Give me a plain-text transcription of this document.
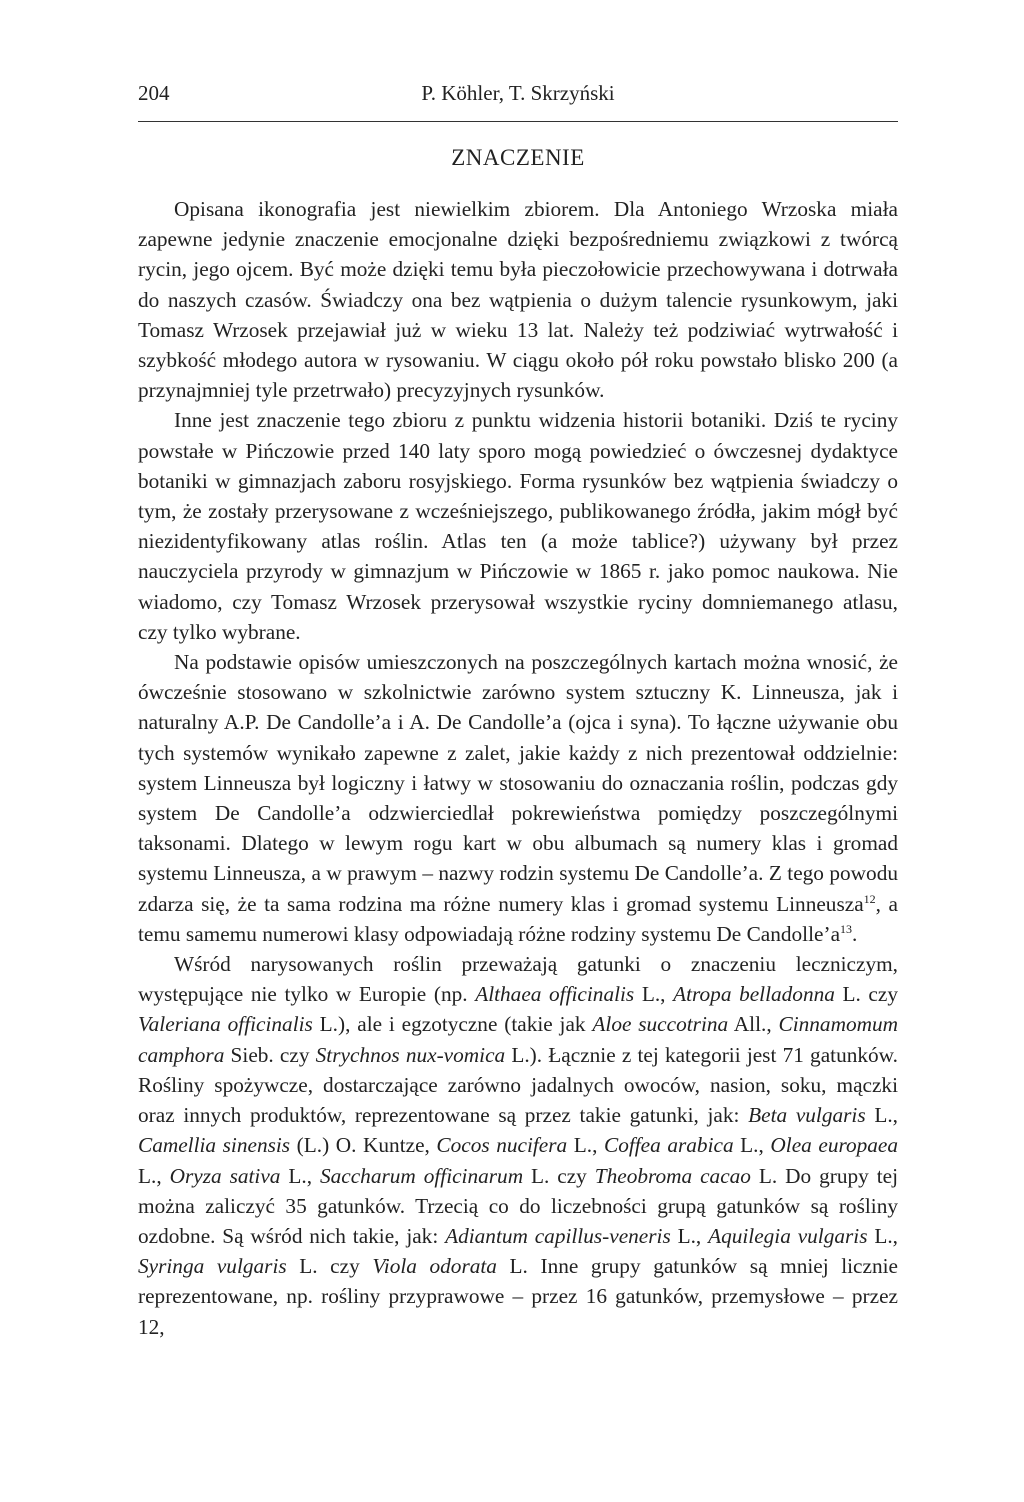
204	P. Köhler, T. Skrzyński
ZNACZENIE

Opisana ikonografia jest niewielkim zbiorem. Dla Antoniego Wrzoska miała zapewne jedynie znaczenie emocjonalne dzięki bezpośredniemu związkowi z twórcą rycin, jego ojcem. Być może dzięki temu była pieczołowicie przechowywana i dotrwała do naszych czasów. Świadczy ona bez wątpienia o dużym talencie rysunkowym, jaki Tomasz Wrzosek przejawiał już w wieku 13 lat. Należy też podziwiać wytrwałość i szybkość młodego autora w rysowaniu. W ciągu około pół roku powstało blisko 200 (a przynajmniej tyle przetrwało) precyzyjnych rysunków.

Inne jest znaczenie tego zbioru z punktu widzenia historii botaniki. Dziś te ryciny powstałe w Pińczowie przed 140 laty sporo mogą powiedzieć o ówczesnej dydaktyce botaniki w gimnazjach zaboru rosyjskiego. Forma rysunków bez wątpienia świadczy o tym, że zostały przerysowane z wcześniejszego, publikowanego źródła, jakim mógł być niezidentyfikowany atlas roślin. Atlas ten (a może tablice?) używany był przez nauczyciela przyrody w gimnazjum w Pińczowie w 1865 r. jako pomoc naukowa. Nie wiadomo, czy Tomasz Wrzosek przerysował wszystkie ryciny domniemanego atlasu, czy tylko wybrane.

Na podstawie opisów umieszczonych na poszczególnych kartach można wnosić, że ówcześnie stosowano w szkolnictwie zarówno system sztuczny K. Linneusza, jak i naturalny A.P. De Candolle’a i A. De Candolle’a (ojca i syna). To łączne używanie obu tych systemów wynikało zapewne z zalet, jakie każdy z nich prezentował oddzielnie: system Linneusza był logiczny i łatwy w stosowaniu do oznaczania roślin, podczas gdy system De Candolle’a odzwierciedlał pokrewieństwa pomiędzy poszczególnymi taksonami. Dlatego w lewym rogu kart w obu albumach są numery klas i gromad systemu Linneusza, a w prawym – nazwy rodzin systemu De Candolle’a. Z tego powodu zdarza się, że ta sama rodzina ma różne numery klas i gromad systemu Linneusza$^{12}$, a temu samemu numerowi klasy odpowiadają różne rodziny systemu De $Candolle’a^{13}$.

Wśród narysowanych roślin przeważają gatunki o znaczeniu leczniczym, występujące nie tylko w Europie (np. Althaea officinalis L., Atropa belladonna L. czy Valeriana officinalis L.), ale i egzotyczne (takie jak Aloe succotrina All., Cinnamomum camphora Sieb. czy Strychnos nux-vomica L.). Łącznie z tej kategorii jest 71 gatunków. Rośliny spożywcze, dostarczające zarówno jadalnych owoców, nasion, soku, mączki oraz innych produktów, reprezentowane są przez takie gatunki, jak: Beta vulgaris L., Camellia sinensis (L.) O. Kuntze, Cocos nucifera L., Coffea arabica L., Olea europaea L., Oryza sativa L., Saccharum officinarum L. czy Theobroma cacao L. Do grupy tej można zaliczyć 35 gatunków. Trzecią co do liczebności grupą gatunków są rośliny ozdobne. Są wśród nich takie, jak: Adiantum capillus-veneris L., Aquilegia vulgaris L., Syringa vulgaris L. czy Viola odorata L. Inne grupy gatunków są mniej licznie reprezentowane, np. rośliny przyprawowe – przez 16 gatunków, przemysłowe – przez 12,
